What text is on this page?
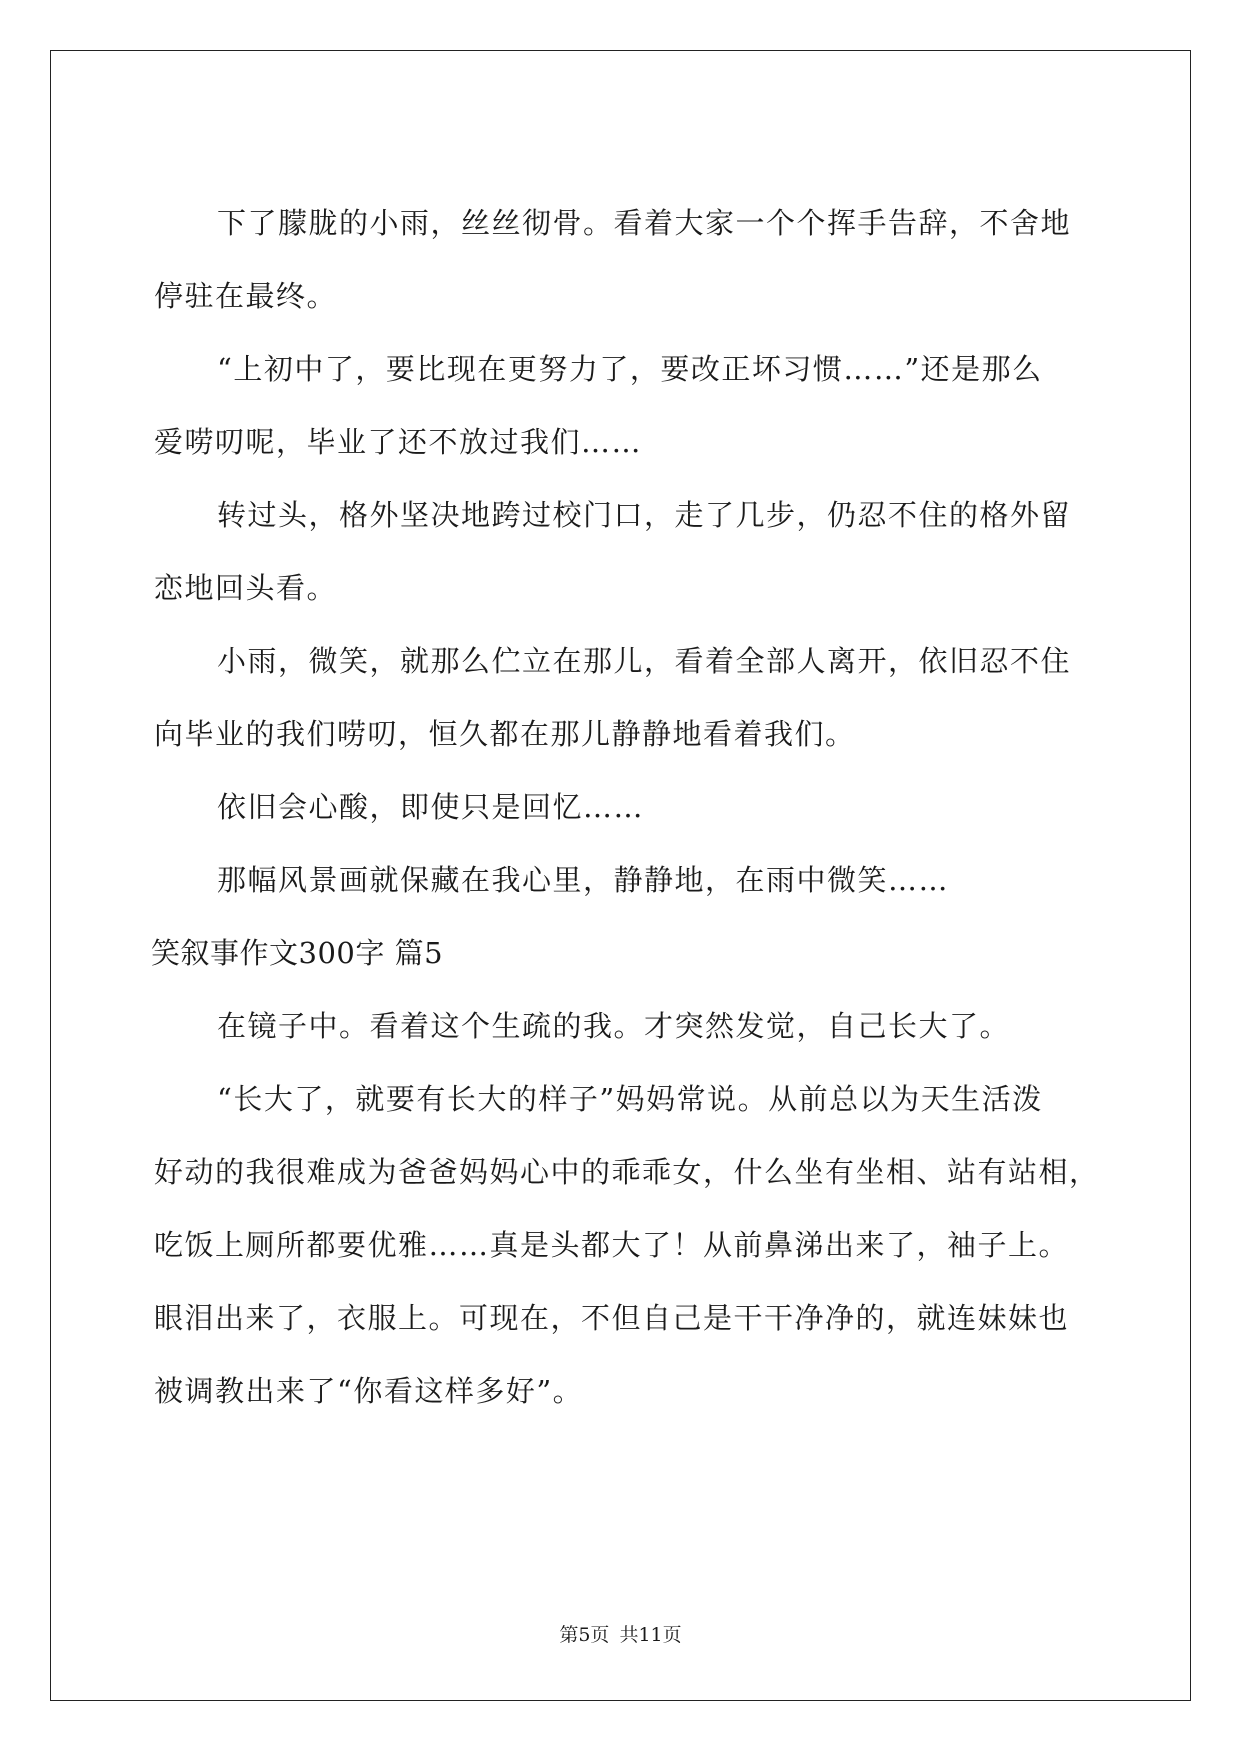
下了朦胧的小雨，丝丝彻骨。看着大家一个个挥手告辞，不舍地
停驻在最终。
“上初中了，要比现在更努力了，要改正坏习惯……”还是那么
爱唠叨呢，毕业了还不放过我们……
转过头，格外坚决地跨过校门口，走了几步，仍忍不住的格外留
恋地回头看。
小雨，微笑，就那么伫立在那儿，看着全部人离开，依旧忍不住
向毕业的我们唠叨，恒久都在那儿静静地看着我们。
依旧会心酸，即使只是回忆……
那幅风景画就保藏在我心里，静静地，在雨中微笑……
笑叙事作文300字 篇5
在镜子中。看着这个生疏的我。才突然发觉，自己长大了。
“长大了，就要有长大的样子”妈妈常说。从前总以为天生活泼
好动的我很难成为爸爸妈妈心中的乖乖女，什么坐有坐相、站有站相，
吃饭上厕所都要优雅……真是头都大了！从前鼻涕出来了，袖子上。
眼泪出来了，衣服上。可现在，不但自己是干干净净的，就连妹妹也
被调教出来了“你看这样多好”。
第5页 共11页
